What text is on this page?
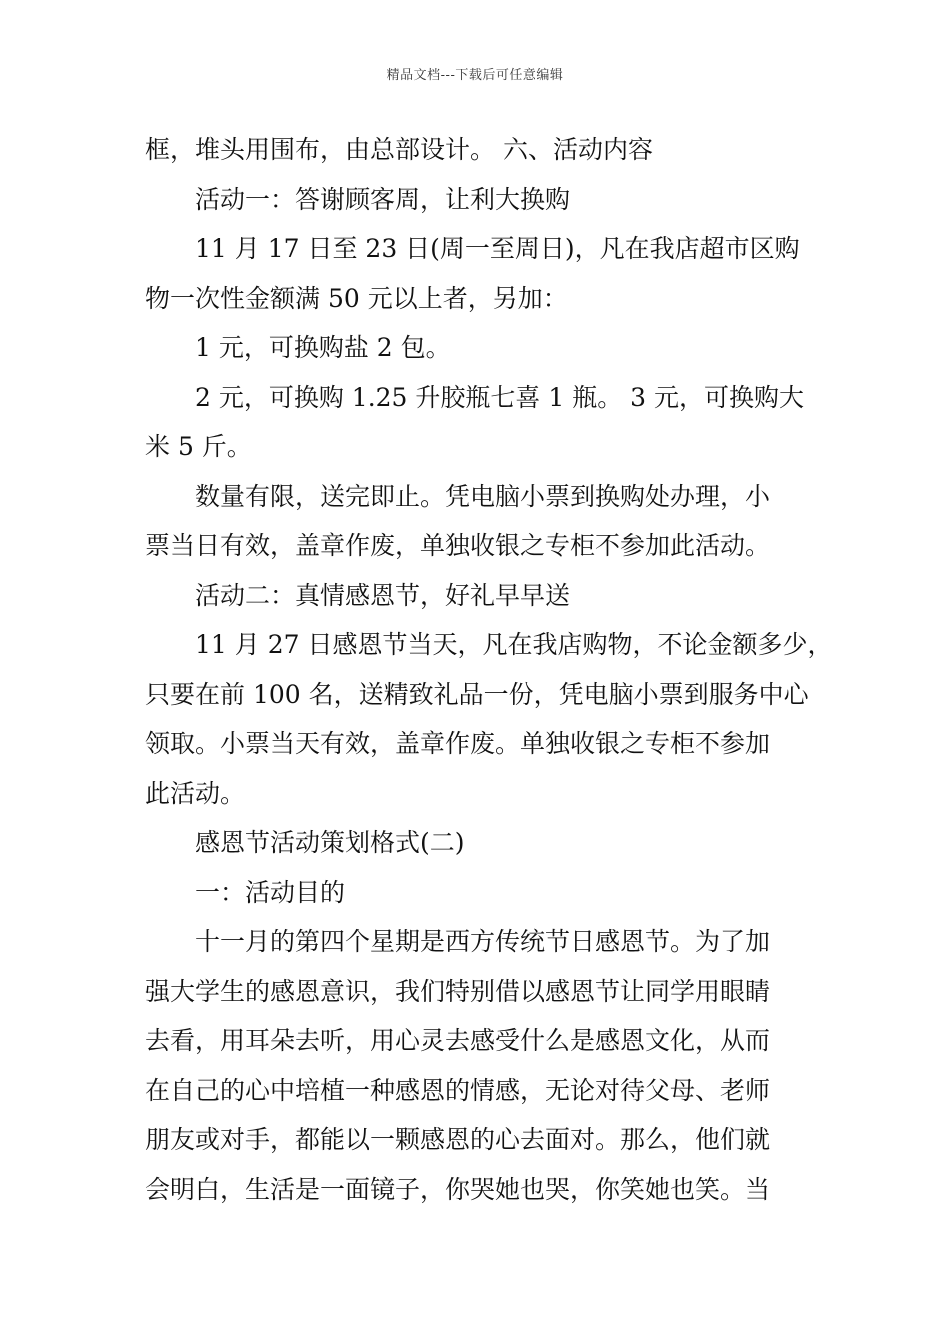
精品文档---下载后可任意编辑
框，堆头用围布，由总部设计。 六、活动内容
活动一：答谢顾客周，让利大换购
11 月 17 日至 23 日(周一至周日)，凡在我店超市区购
物一次性金额满 50 元以上者，另加：
1 元，可换购盐 2 包。
2 元，可换购 1.25 升胶瓶七喜 1 瓶。 3 元，可换购大
米 5 斤。
数量有限，送完即止。凭电脑小票到换购处办理，小
票当日有效，盖章作废，单独收银之专柜不参加此活动。
活动二：真情感恩节，好礼早早送
11 月 27 日感恩节当天，凡在我店购物，不论金额多少，
只要在前 100 名，送精致礼品一份，凭电脑小票到服务中心
领取。小票当天有效，盖章作废。单独收银之专柜不参加
此活动。
感恩节活动策划格式(二)
一：活动目的
十一月的第四个星期是西方传统节日感恩节。为了加
强大学生的感恩意识，我们特别借以感恩节让同学用眼睛
去看，用耳朵去听，用心灵去感受什么是感恩文化，从而
在自己的心中培植一种感恩的情感，无论对待父母、老师
朋友或对手，都能以一颗感恩的心去面对。那么，他们就
会明白，生活是一面镜子，你哭她也哭，你笑她也笑。当
